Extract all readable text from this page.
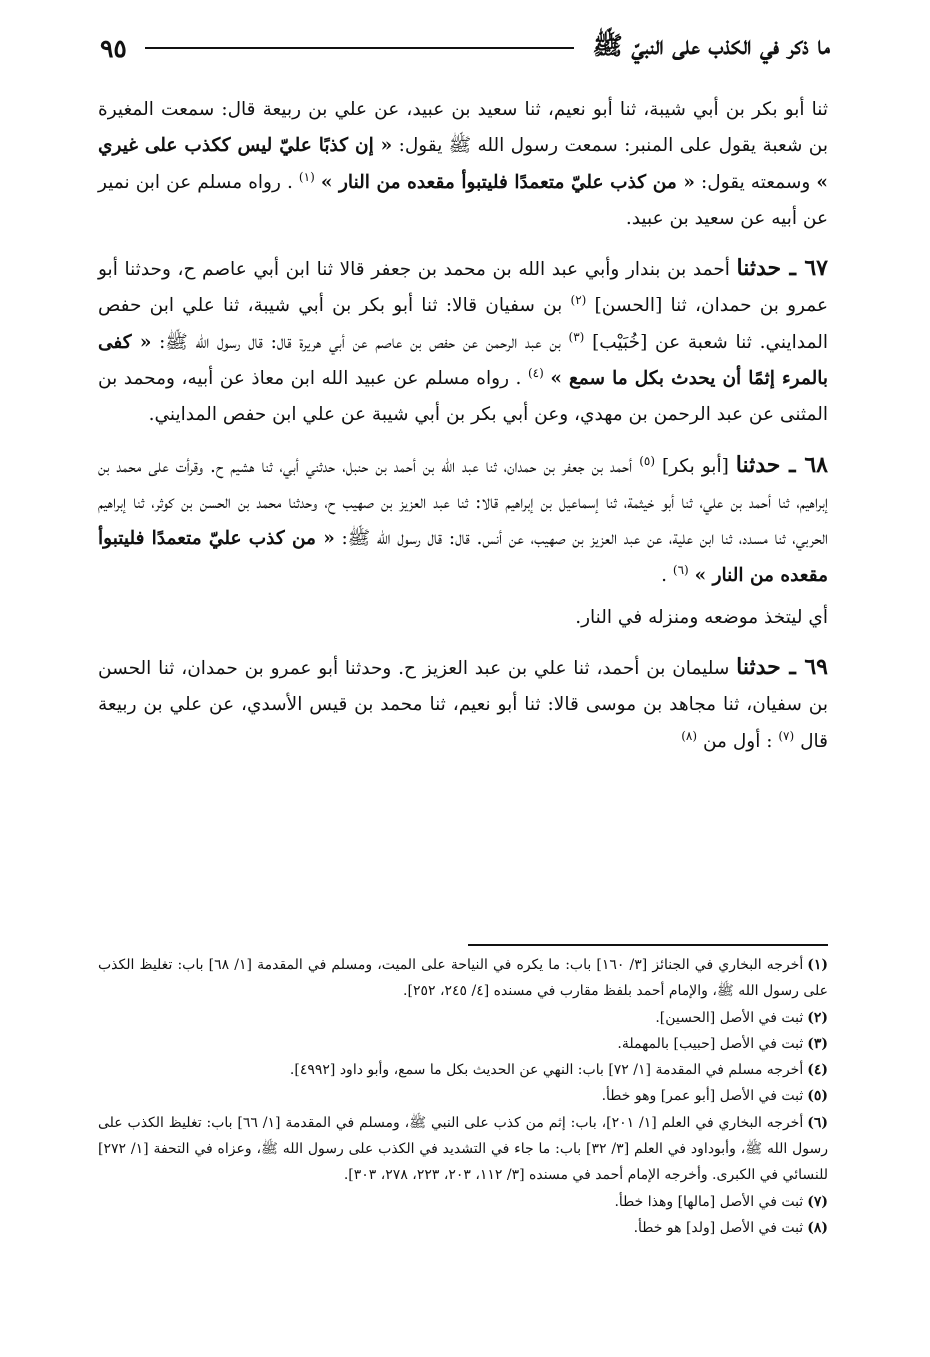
ما ذكر في الكذب على النبيّ ﷺ
٩٥

ثنا أبو بكر بن أبي شيبة، ثنا أبو نعيم، ثنا سعيد بن عبيد، عن علي بن ربيعة قال: سمعت المغيرة بن شعبة يقول على المنبر: سمعت رسول الله ﷺ يقول: « إن كذبًا عليّ ليس ككذب على غيري » وسمعته يقول: « من كذب عليّ متعمدًا فليتبوأ مقعده من النار » $^{(١)}$ . رواه مسلم عن ابن نمير عن أبيه عن سعيد بن عبيد.

٦٧ ـ حدثنا أحمد بن بندار وأبي عبد الله بن محمد بن جعفر قالا ثنا ابن أبي عاصم ح، وحدثنا أبو عمرو بن حمدان، ثنا [الحسن] $^{(٢)}$ بن سفيان قالا: ثنا أبو بكر بن أبي شيبة، ثنا علي ابن حفص المدايني. ثنا شعبة عن [خُبَيْب] $^{(٣)}$ بن عبد الرحمن عن حفص بن عاصم عن أبي هريرة قال: قال رسول الله ﷺ: « كفى بالمرء إثمًا أن يحدث بكل ما سمع » $^{(٤)}$ . رواه مسلم عن عبيد الله ابن معاذ عن أبيه، ومحمد بن المثنى عن عبد الرحمن بن مهدي، وعن أبي بكر بن أبي شيبة عن علي ابن حفص المدايني.

٦٨ ـ حدثنا [أبو بكر] $^{(٥)}$ أحمد بن جعفر بن حمدان، ثنا عبد الله بن أحمد بن حنبل، حدثني أبي، ثنا هشيم ح. وقرأت على محمد بن إبراهيم، ثنا أحمد بن علي، ثنا أبو خيثمة، ثنا إسماعيل بن إبراهيم قالا: ثنا عبد العزيز بن صهيب ح، وحدثنا محمد بن الحسن بن كوثر، ثنا إبراهيم الحربي، ثنا مسدد، ثنا ابن علية، عن عبد العزيز بن صهيب، عن أنس. قال: قال رسول الله ﷺ: « من كذب عليّ متعمدًا فليتبوأ مقعده من النار » $^{(٦)}$ .

أي ليتخذ موضعه ومنزله في النار.

٦٩ ـ حدثنا سليمان بن أحمد، ثنا علي بن عبد العزيز ح. وحدثنا أبو عمرو بن حمدان، ثنا الحسن بن سفيان، ثنا مجاهد بن موسى قالا: ثنا أبو نعيم، ثنا محمد بن قيس الأسدي، عن علي بن ربيعة قال $^{(٧)}$ : أول من $^{(٨)}$

(١)أخرجه البخاري في الجنائز [٣/ ١٦٠] باب: ما يكره في النياحة على الميت، ومسلم في المقدمة [١/ ٦٨] باب: تغليظ الكذب على رسول الله ﷺ، والإمام أحمد بلفظ مقارب في مسنده [٤/ ٢٤٥، ٢٥٢].

(٢)ثبت في الأصل [الحسين].

(٣)ثبت في الأصل [حبيب] بالمهملة.

(٤)أخرجه مسلم في المقدمة [١/ ٧٢] باب: النهي عن الحديث بكل ما سمع، وأبو داود [٤٩٩٢].

(٥)ثبت في الأصل [أبو عمر] وهو خطأ.

(٦)أخرجه البخاري في العلم [١/ ٢٠١]، باب: إثم من كذب على النبي ﷺ، ومسلم في المقدمة [١/ ٦٦] باب: تغليظ الكذب على رسول الله ﷺ، وأبوداود في العلم [٣/ ٣٢] باب: ما جاء في التشديد في الكذب على رسول الله ﷺ، وعزاه في التحفة [١/ ٢٧٢] للنسائي في الكبرى. وأخرجه الإمام أحمد في مسنده [٣/ ١١٢، ٢٠٣، ٢٢٣، ٢٧٨، ٣٠٣].

(٧)ثبت في الأصل [مالها] وهذا خطأ.

(٨)ثبت في الأصل [ولد] هو خطأ.
